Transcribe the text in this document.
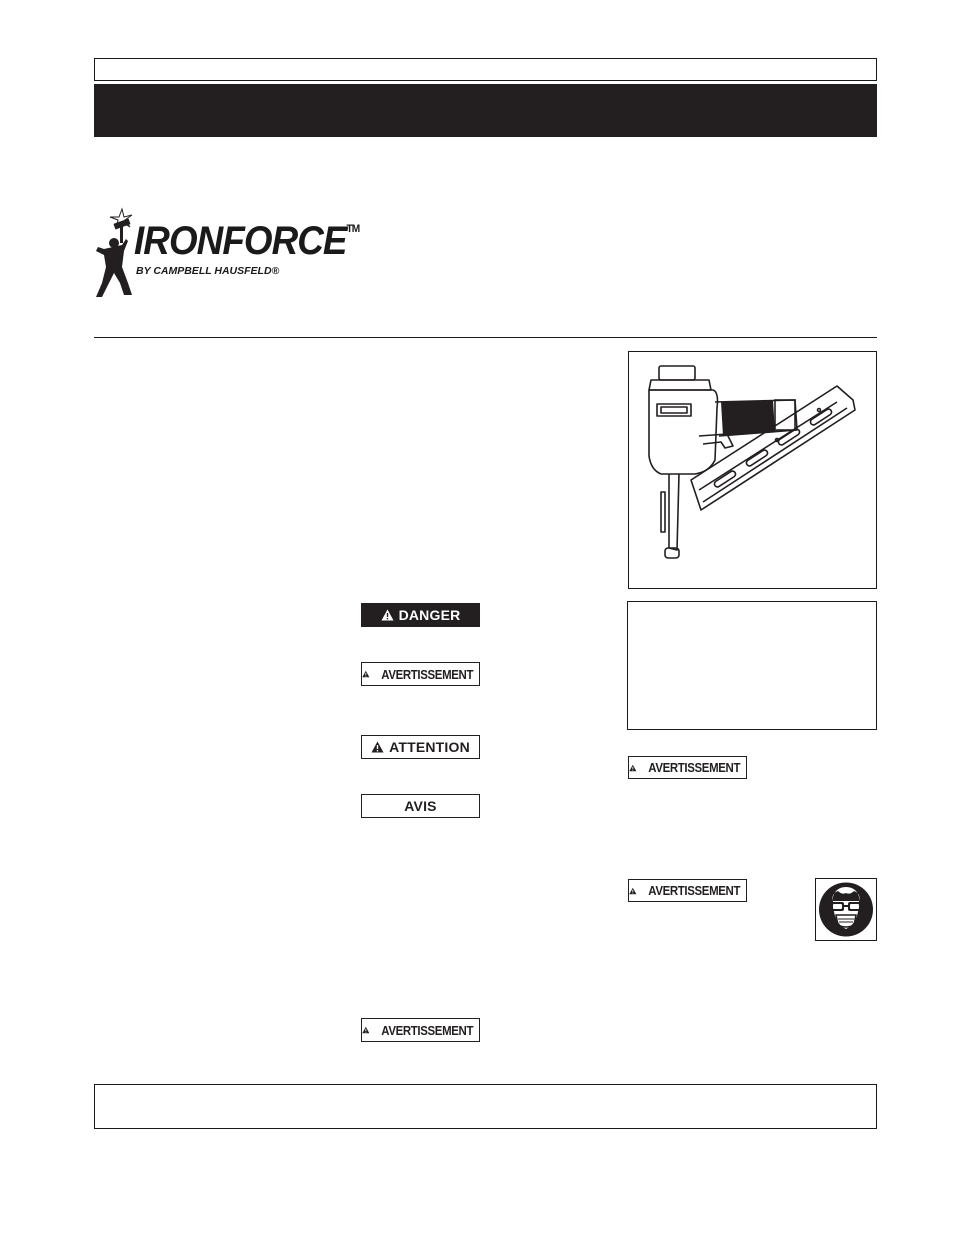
IRONFORCE™
BY CAMPBELL HAUSFELD®
DANGER
AVERTISSEMENT
ATTENTION
AVIS
AVERTISSEMENT
AVERTISSEMENT
AVERTISSEMENT
